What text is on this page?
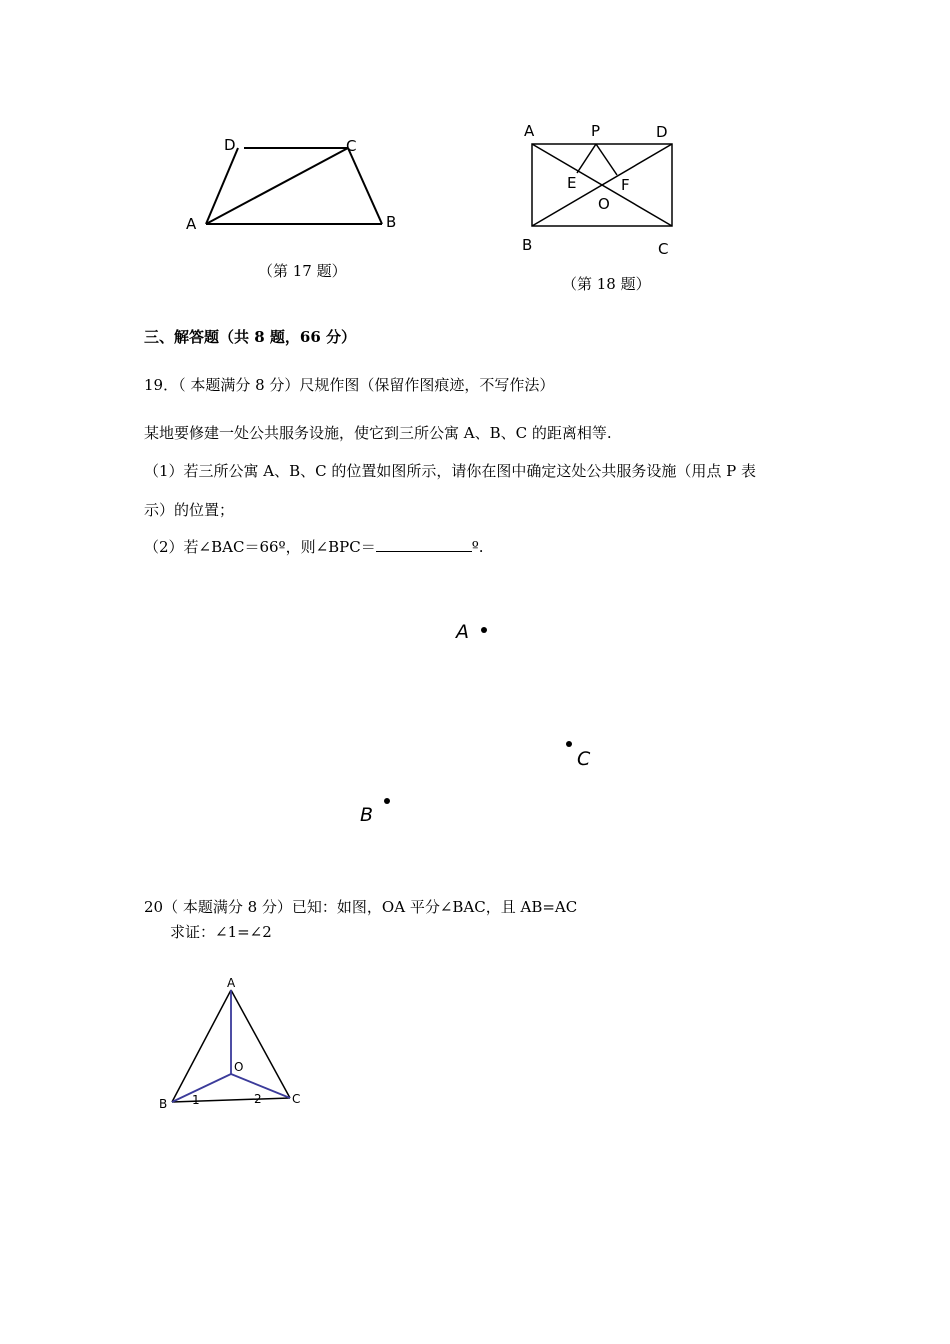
D	C
A	B
（第 17 题）
A	P	D
E	F
O
B	C
（第 18 题）
三、解答题（共 8 题，66 分）
19．（ 本题满分 8 分）尺规作图（保留作图痕迹，不写作法）
某地要修建一处公共服务设施，使它到三所公寓 A、B、C 的距离相等.
（1）若三所公寓 A、B、C 的位置如图所示，请你在图中确定这处公共服务设施（用点 P 表
示）的位置；
（2）若∠BAC＝66º，则∠BPC＝	º.
A
C
B
20（ 本题满分 8 分）已知：如图，OA 平分∠BAC，且 AB=AC
求证：∠1=∠2
A
O
B 1	2	C
